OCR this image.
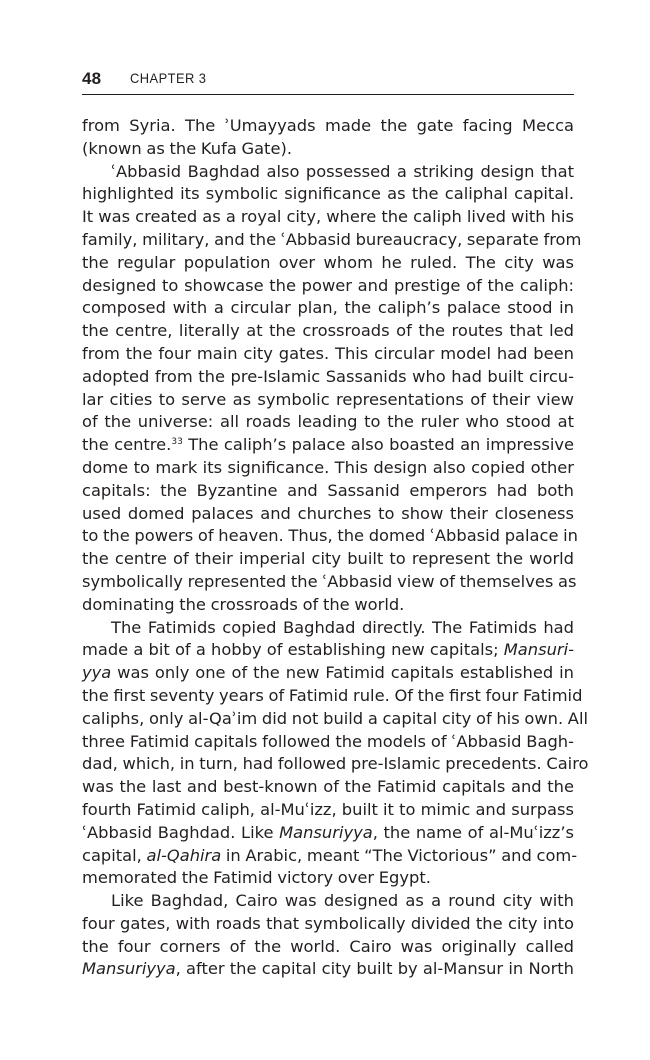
48 CHAPTER 3
from Syria. The ʾUmayyads made the gate facing Mecca
(known as the Kufa Gate).
ʿAbbasid Baghdad also possessed a striking design that
highlighted its symbolic significance as the caliphal capital.
It was created as a royal city, where the caliph lived with his
family, military, and the ʿAbbasid bureaucracy, separate from
the regular population over whom he ruled. The city was
designed to showcase the power and prestige of the caliph:
composed with a circular plan, the caliph’s palace stood in
the centre, literally at the crossroads of the routes that led
from the four main city gates. This circular model had been
adopted from the pre-Islamic Sassanids who had built circu-
lar cities to serve as symbolic representations of their view
of the universe: all roads leading to the ruler who stood at
the centre.$^{33}$ The caliph’s palace also boasted an impressive
dome to mark its significance. This design also copied other
capitals: the Byzantine and Sassanid emperors had both
used domed palaces and churches to show their closeness
to the powers of heaven. Thus, the domed ʿAbbasid palace in
the centre of their imperial city built to represent the world
symbolically represented the ʿAbbasid view of themselves as
dominating the crossroads of the world.
The Fatimids copied Baghdad directly. The Fatimids had
made a bit of a hobby of establishing new capitals; Mansuri-
yya was only one of the new Fatimid capitals established in
the first seventy years of Fatimid rule. Of the first four Fatimid
caliphs, only al-Qaʾim did not build a capital city of his own. All
three Fatimid capitals followed the models of ʿAbbasid Bagh-
dad, which, in turn, had followed pre-Islamic precedents. Cairo
was the last and best-known of the Fatimid capitals and the
fourth Fatimid caliph, al-Muʿizz, built it to mimic and surpass
ʿAbbasid Baghdad. Like Mansuriyya, the name of al-Muʿizz’s
capital, al-Qahira in Arabic, meant “The Victorious” and com-
memorated the Fatimid victory over Egypt.
Like Baghdad, Cairo was designed as a round city with
four gates, with roads that symbolically divided the city into
the four corners of the world. Cairo was originally called
Mansuriyya, after the capital city built by al-Mansur in North
